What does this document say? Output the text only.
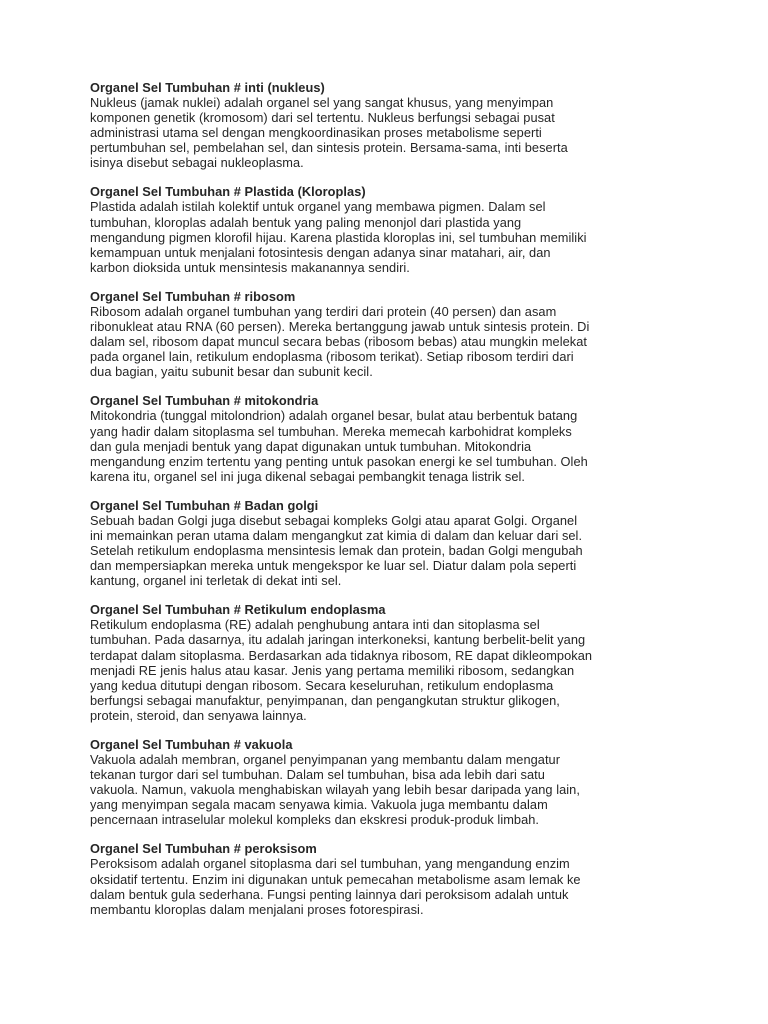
Organel Sel Tumbuhan # inti (nukleus)

Nukleus (jamak nuklei) adalah organel sel yang sangat khusus, yang menyimpan
komponen genetik (kromosom) dari sel tertentu. Nukleus berfungsi sebagai pusat
administrasi utama sel dengan mengkoordinasikan proses metabolisme seperti
pertumbuhan sel, pembelahan sel, dan sintesis protein. Bersama-sama, inti beserta
isinya disebut sebagai nukleoplasma.

Organel Sel Tumbuhan # Plastida (Kloroplas)

Plastida adalah istilah kolektif untuk organel yang membawa pigmen. Dalam sel
tumbuhan, kloroplas adalah bentuk yang paling menonjol dari plastida yang
mengandung pigmen klorofil hijau. Karena plastida kloroplas ini, sel tumbuhan memiliki
kemampuan untuk menjalani fotosintesis dengan adanya sinar matahari, air, dan
karbon dioksida untuk mensintesis makanannya sendiri.

Organel Sel Tumbuhan # ribosom

Ribosom adalah organel tumbuhan yang terdiri dari protein (40 persen) dan asam
ribonukleat atau RNA (60 persen). Mereka bertanggung jawab untuk sintesis protein. Di
dalam sel, ribosom dapat muncul secara bebas (ribosom bebas) atau mungkin melekat
pada organel lain, retikulum endoplasma (ribosom terikat). Setiap ribosom terdiri dari
dua bagian, yaitu subunit besar dan subunit kecil.

Organel Sel Tumbuhan # mitokondria

Mitokondria (tunggal mitolondrion) adalah organel besar, bulat atau berbentuk batang
yang hadir dalam sitoplasma sel tumbuhan. Mereka memecah karbohidrat kompleks
dan gula menjadi bentuk yang dapat digunakan untuk tumbuhan. Mitokondria
mengandung enzim tertentu yang penting untuk pasokan energi ke sel tumbuhan. Oleh
karena itu, organel sel ini juga dikenal sebagai pembangkit tenaga listrik sel.

Organel Sel Tumbuhan # Badan golgi

Sebuah badan Golgi juga disebut sebagai kompleks Golgi atau aparat Golgi. Organel
ini memainkan peran utama dalam mengangkut zat kimia di dalam dan keluar dari sel.
Setelah retikulum endoplasma mensintesis lemak dan protein, badan Golgi mengubah
dan mempersiapkan mereka untuk mengekspor ke luar sel. Diatur dalam pola seperti
kantung, organel ini terletak di dekat inti sel.

Organel Sel Tumbuhan # Retikulum endoplasma

Retikulum endoplasma (RE) adalah penghubung antara inti dan sitoplasma sel
tumbuhan. Pada dasarnya, itu adalah jaringan interkoneksi, kantung berbelit-belit yang
terdapat dalam sitoplasma. Berdasarkan ada tidaknya ribosom, RE dapat dikleompokan
menjadi RE jenis halus atau kasar. Jenis yang pertama memiliki ribosom, sedangkan
yang kedua ditutupi dengan ribosom. Secara keseluruhan, retikulum endoplasma
berfungsi sebagai manufaktur, penyimpanan, dan pengangkutan struktur glikogen,
protein, steroid, dan senyawa lainnya.

Organel Sel Tumbuhan # vakuola

Vakuola adalah membran, organel penyimpanan yang membantu dalam mengatur
tekanan turgor dari sel tumbuhan. Dalam sel tumbuhan, bisa ada lebih dari satu
vakuola. Namun, vakuola menghabiskan wilayah yang lebih besar daripada yang lain,
yang menyimpan segala macam senyawa kimia. Vakuola juga membantu dalam
pencernaan intraselular molekul kompleks dan ekskresi produk-produk limbah.

Organel Sel Tumbuhan # peroksisom

Peroksisom adalah organel sitoplasma dari sel tumbuhan, yang mengandung enzim
oksidatif tertentu. Enzim ini digunakan untuk pemecahan metabolisme asam lemak ke
dalam bentuk gula sederhana. Fungsi penting lainnya dari peroksisom adalah untuk
membantu kloroplas dalam menjalani proses fotorespirasi.
